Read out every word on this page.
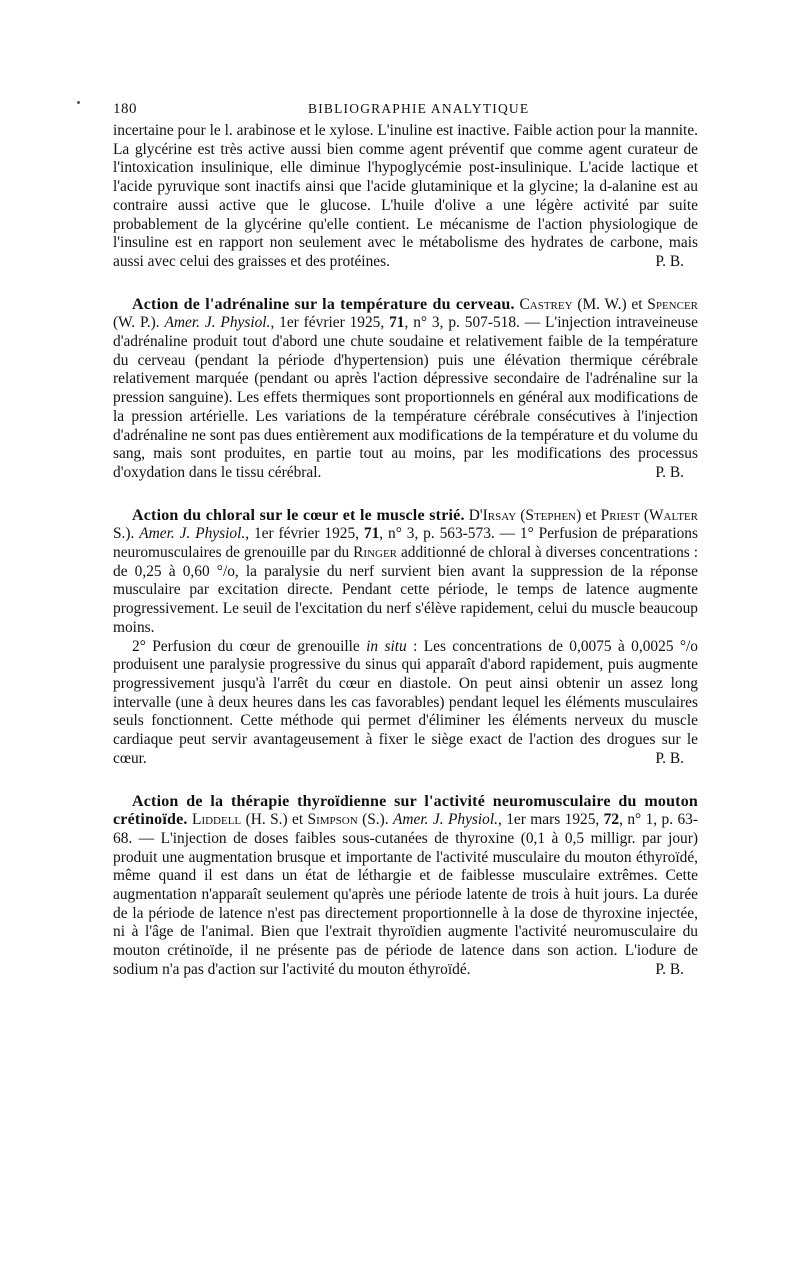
180	BIBLIOGRAPHIE ANALYTIQUE

incertaine pour le l. arabinose et le xylose. L'inuline est inactive. Faible action pour la mannite. La glycérine est très active aussi bien comme agent préventif que comme agent curateur de l'intoxication insulinique, elle diminue l'hypoglycémie post-insulinique. L'acide lactique et l'acide pyruvique sont inactifs ainsi que l'acide glutaminique et la glycine; la d-alanine est au contraire aussi active que le glucose. L'huile d'olive a une légère activité par suite probablement de la glycérine qu'elle contient. Le mécanisme de l'action physiologique de l'insuline est en rapport non seulement avec le métabolisme des hydrates de carbone, mais aussi avec celui des graisses et des protéines.	P. B.

Action de l'adrénaline sur la température du cerveau. Castrey (M. W.) et Spencer (W. P.). Amer. J. Physiol., 1er février 1925, 71, n° 3, p. 507-518. — L'injection intraveineuse d'adrénaline produit tout d'abord une chute soudaine et relativement faible de la température du cerveau (pendant la période d'hypertension) puis une élévation thermique cérébrale relativement marquée (pendant ou après l'action dépressive secondaire de l'adrénaline sur la pression sanguine). Les effets thermiques sont proportionnels en général aux modifications de la pression artérielle. Les variations de la température cérébrale consécutives à l'injection d'adrénaline ne sont pas dues entièrement aux modifications de la température et du volume du sang, mais sont produites, en partie tout au moins, par les modifications des processus d'oxydation dans le tissu cérébral.	P. B.

Action du chloral sur le cœur et le muscle strié. D'Irsay (Stephen) et Priest (Walter S.). Amer. J. Physiol., 1er février 1925, 71, n° 3, p. 563-573. — 1° Perfusion de préparations neuromusculaires de grenouille par du Ringer additionné de chloral à diverses concentrations : de 0,25 à 0,60 °/o, la paralysie du nerf survient bien avant la suppression de la réponse musculaire par excitation directe. Pendant cette période, le temps de latence augmente progressivement. Le seuil de l'excitation du nerf s'élève rapidement, celui du muscle beaucoup moins.

2° Perfusion du cœur de grenouille in situ : Les concentrations de 0,0075 à 0,0025 °/o produisent une paralysie progressive du sinus qui apparaît d'abord rapidement, puis augmente progressivement jusqu'à l'arrêt du cœur en diastole. On peut ainsi obtenir un assez long intervalle (une à deux heures dans les cas favorables) pendant lequel les éléments musculaires seuls fonctionnent. Cette méthode qui permet d'éliminer les éléments nerveux du muscle cardiaque peut servir avantageusement à fixer le siège exact de l'action des drogues sur le cœur.	P. B.

Action de la thérapie thyroïdienne sur l'activité neuromusculaire du mouton crétinoïde. Liddell (H. S.) et Simpson (S.). Amer. J. Physiol., 1er mars 1925, 72, n° 1, p. 63-68. — L'injection de doses faibles sous-cutanées de thyroxine (0,1 à 0,5 milligr. par jour) produit une augmentation brusque et importante de l'activité musculaire du mouton éthyroïdé, même quand il est dans un état de léthargie et de faiblesse musculaire extrêmes. Cette augmentation n'apparaît seulement qu'après une période latente de trois à huit jours. La durée de la période de latence n'est pas directement proportionnelle à la dose de thyroxine injectée, ni à l'âge de l'animal. Bien que l'extrait thyroïdien augmente l'activité neuromusculaire du mouton crétinoïde, il ne présente pas de période de latence dans son action. L'iodure de sodium n'a pas d'action sur l'activité du mouton éthyroïdé.	P. B.
